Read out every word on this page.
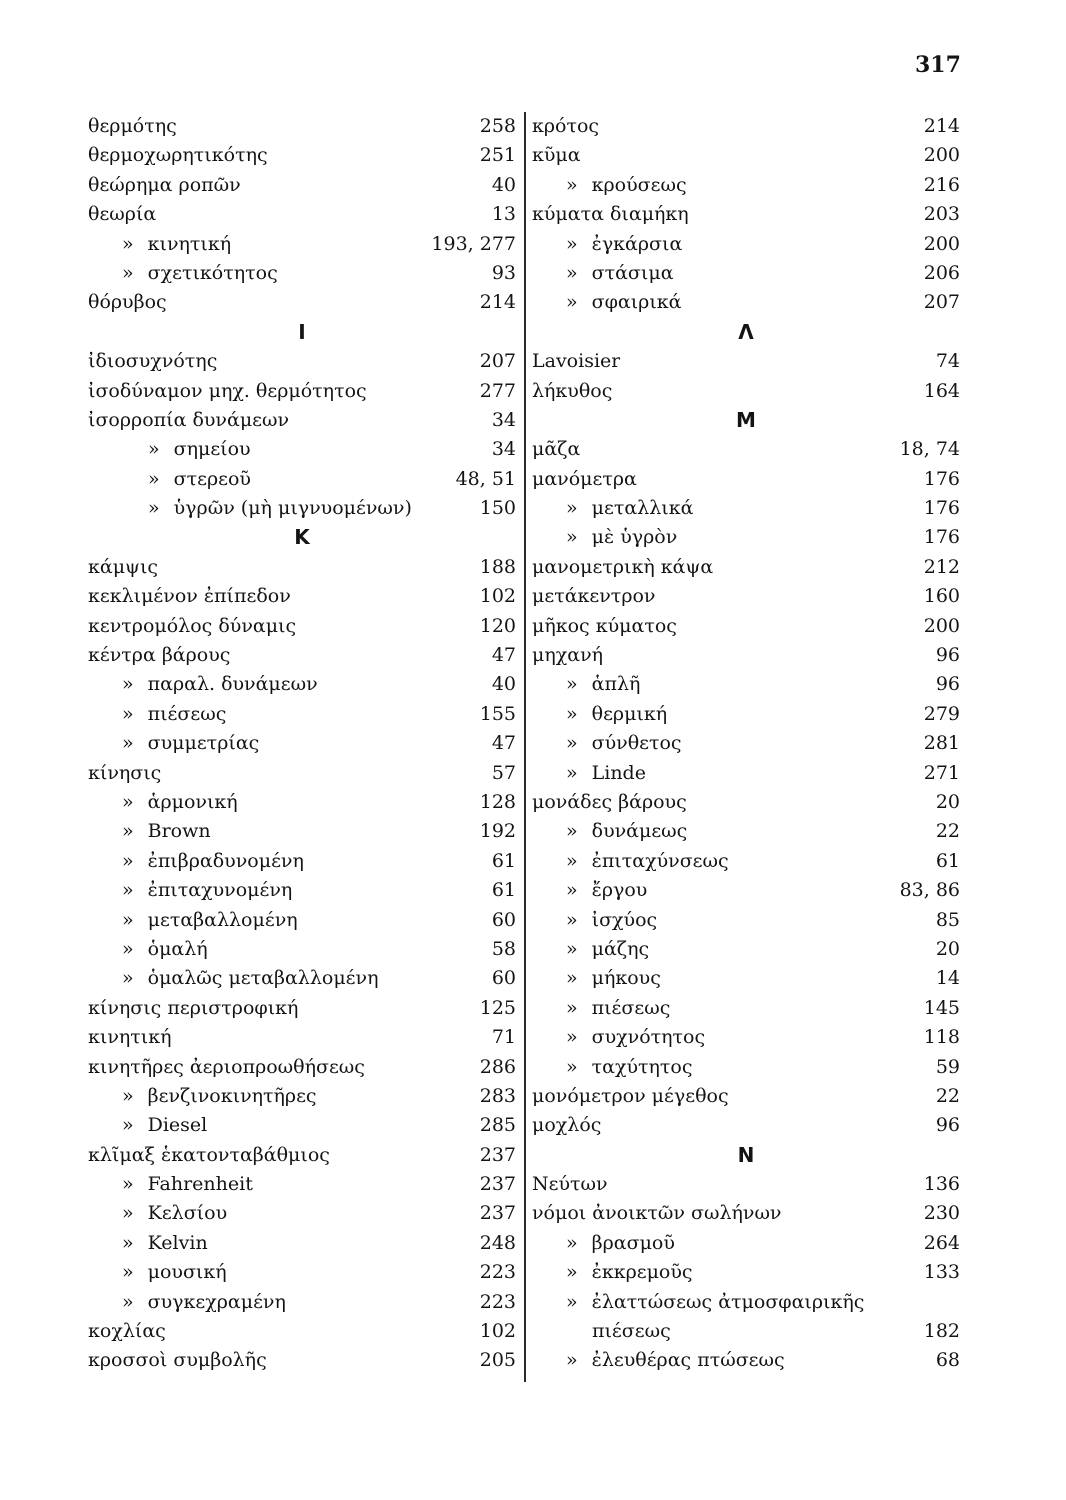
317
θερμότης	258
θερμοχωρητικότης	251
θεώρημα ροπῶν	40
θεωρία	13
» κινητική	193, 277
» σχετικότητος	93
θόρυβος	214
Ι
ἰδιοσυχνότης	207
ἰσοδύναμον μηχ. θερμότητος	277
ἰσορροπία δυνάμεων	34
» σημείου	34
» στερεοῦ	48, 51
» ὑγρῶν (μὴ μιγνυομένων)	150
Κ
κάμψις	188
κεκλιμένον ἐπίπεδον	102
κεντρομόλος δύναμις	120
κέντρα βάρους	47
» παραλ. δυνάμεων	40
» πιέσεως	155
» συμμετρίας	47
κίνησις	57
» ἁρμονική	128
» Brown	192
» ἐπιβραδυνομένη	61
» ἐπιταχυνομένη	61
» μεταβαλλομένη	60
» ὁμαλή	58
» ὁμαλῶς μεταβαλλομένη	60
κίνησις περιστροφική	125
κινητική	71
κινητῆρες ἀεριοπροωθήσεως	286
» βενζινοκινητῆρες	283
» Diesel	285
κλῖμαξ ἑκατονταβάθμιος	237
» Fahrenheit	237
» Κελσίου	237
» Kelvin	248
» μουσική	223
» συγκεχραμένη	223
κοχλίας	102
κροσσοὶ συμβολῆς	205
κρότος	214
κῦμα	200
» κρούσεως	216
κύματα διαμήκη	203
» ἐγκάρσια	200
» στάσιμα	206
» σφαιρικά	207
Λ
Lavoisier	74
λήκυθος	164
Μ
μᾶζα	18, 74
μανόμετρα	176
» μεταλλικά	176
» μὲ ὑγρὸν	176
μανομετρικὴ κάψα	212
μετάκεντρον	160
μῆκος κύματος	200
μηχανή	96
» ἁπλῆ	96
» θερμική	279
» σύνθετος	281
» Linde	271
μονάδες βάρους	20
» δυνάμεως	22
» ἐπιταχύνσεως	61
» ἔργου	83, 86
» ἰσχύος	85
» μάζης	20
» μήκους	14
» πιέσεως	145
» συχνότητος	118
» ταχύτητος	59
μονόμετρον μέγεθος	22
μοχλός	96
Ν
Νεύτων	136
νόμοι ἀνοικτῶν σωλήνων	230
» βρασμοῦ	264
» ἐκκρεμοῦς	133
» ἐλαττώσεως ἀτμοσφαιρικῆς
πιέσεως	182
» ἐλευθέρας πτώσεως	68
